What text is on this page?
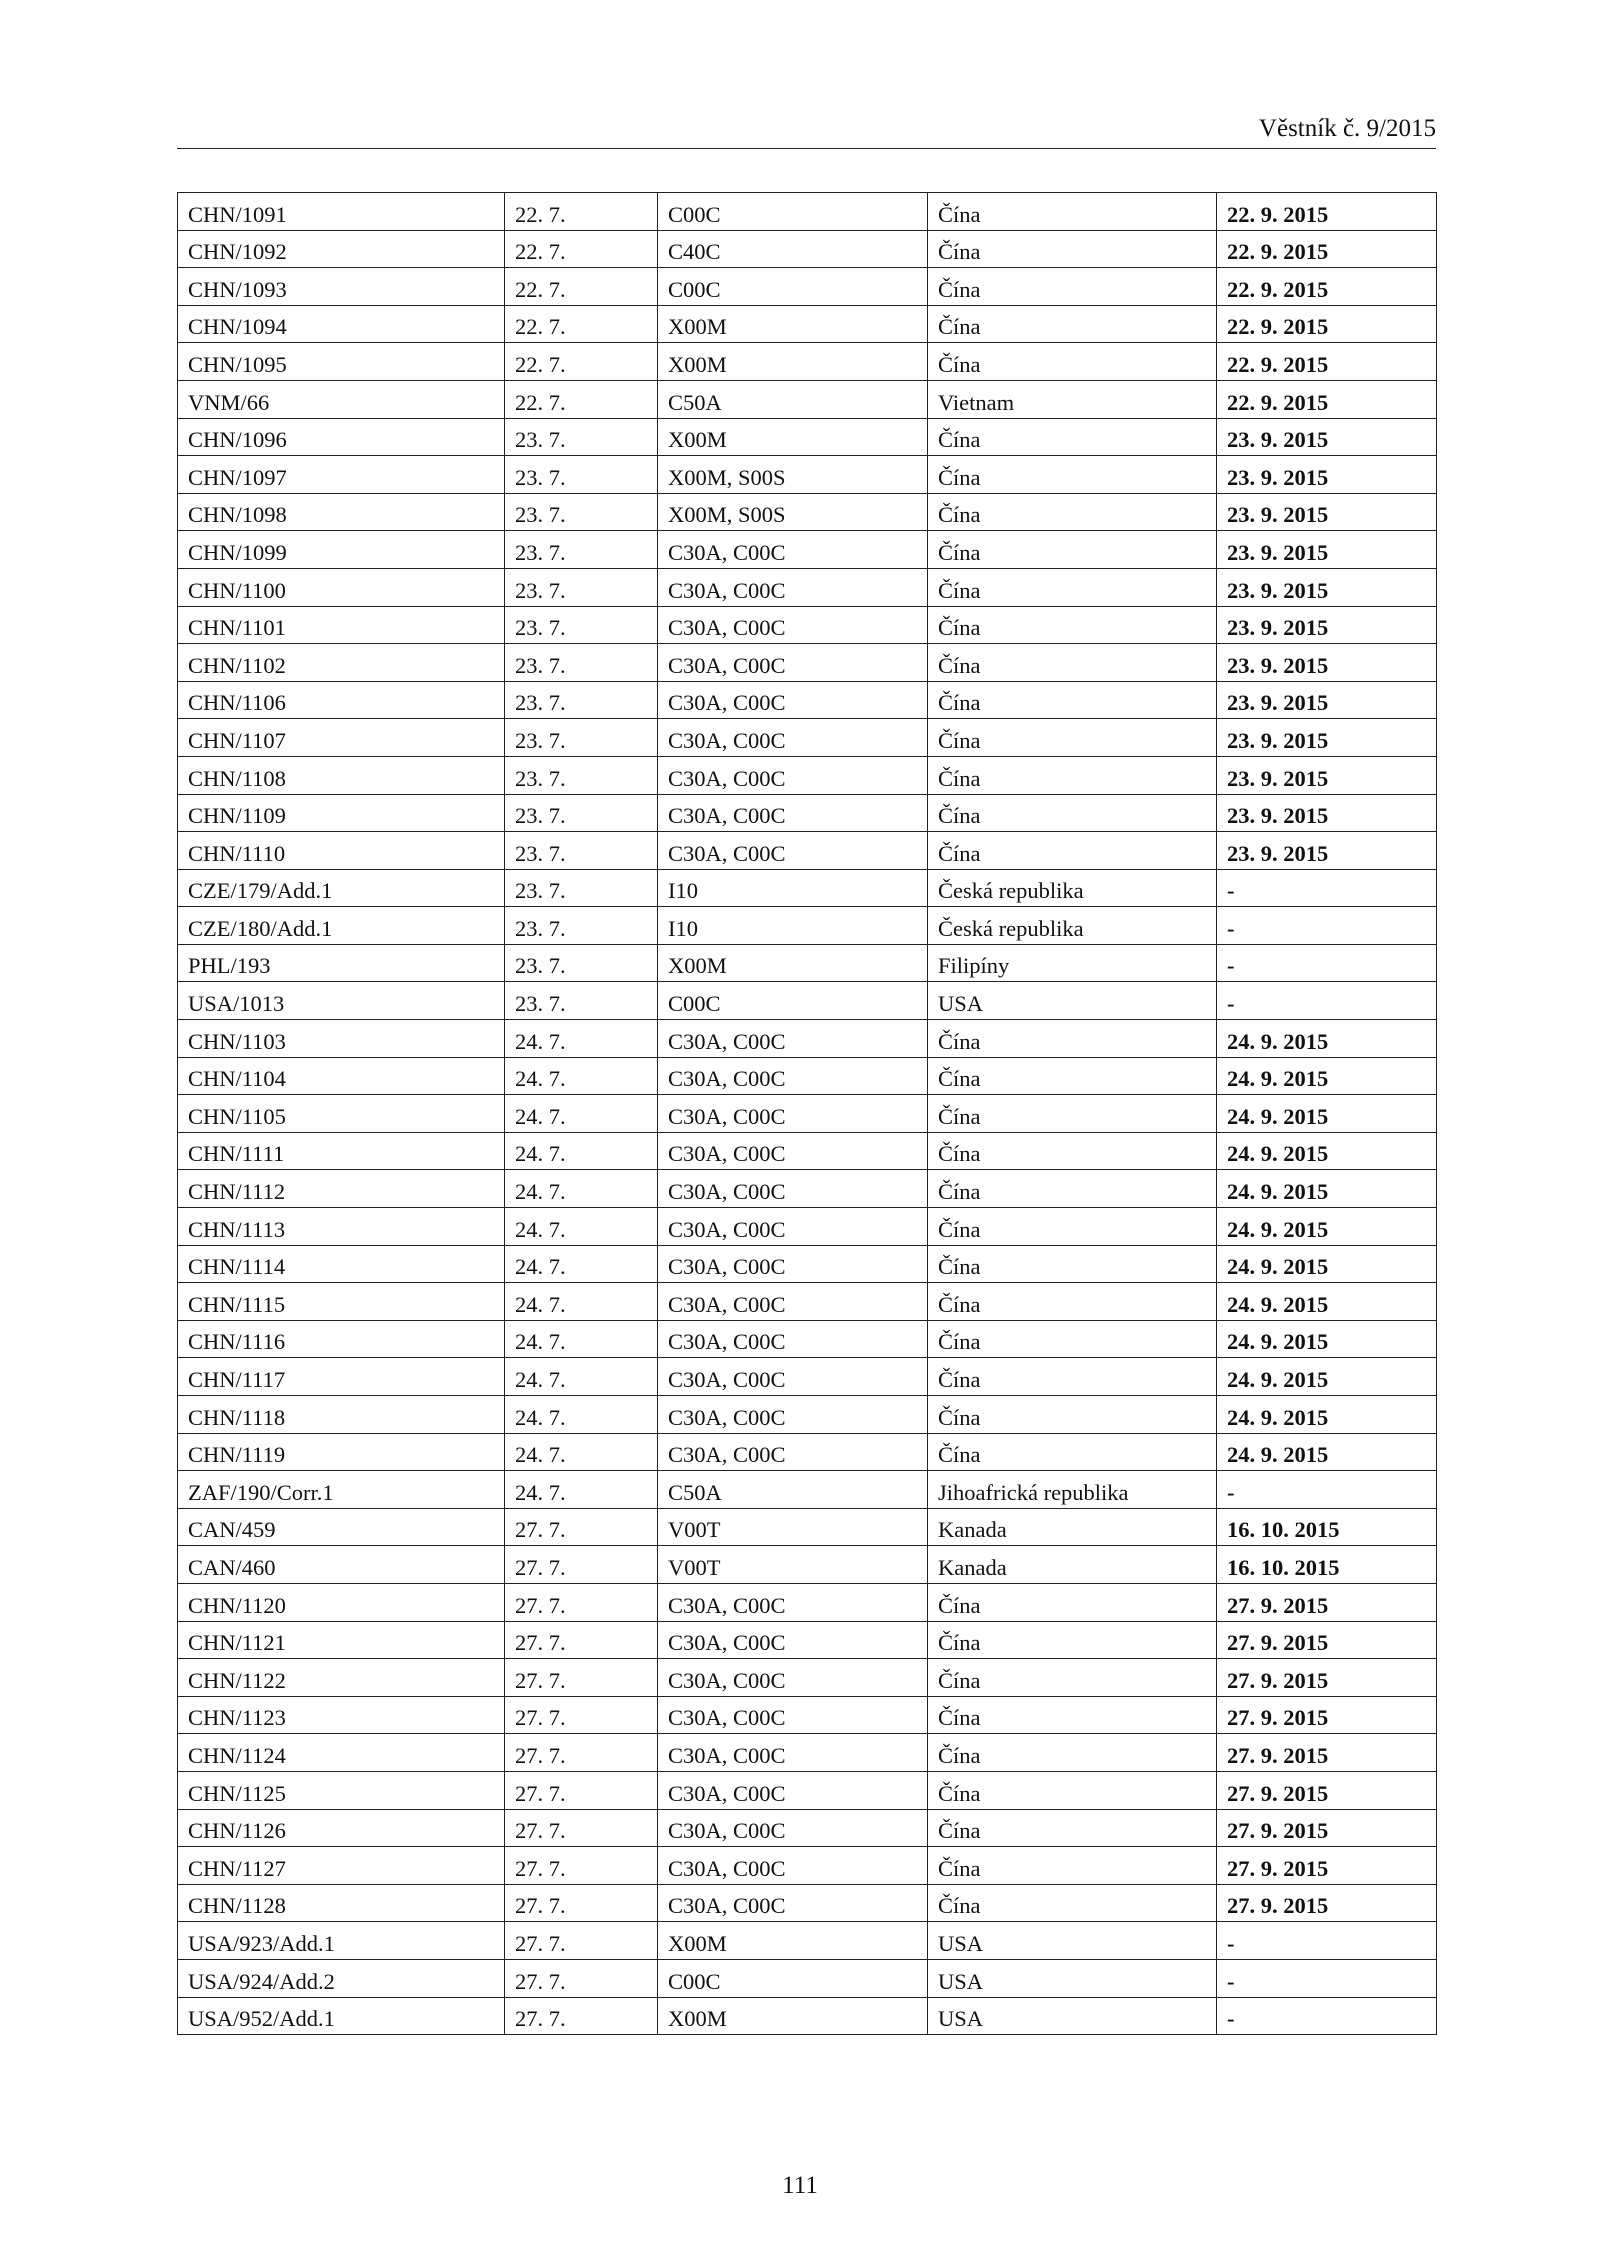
Věstník č. 9/2015
CHN/1091	22. 7.	C00C	Čína	22. 9. 2015
CHN/1092	22. 7.	C40C	Čína	22. 9. 2015
CHN/1093	22. 7.	C00C	Čína	22. 9. 2015
CHN/1094	22. 7.	X00M	Čína	22. 9. 2015
CHN/1095	22. 7.	X00M	Čína	22. 9. 2015
VNM/66	22. 7.	C50A	Vietnam	22. 9. 2015
CHN/1096	23. 7.	X00M	Čína	23. 9. 2015
CHN/1097	23. 7.	X00M, S00S	Čína	23. 9. 2015
CHN/1098	23. 7.	X00M, S00S	Čína	23. 9. 2015
CHN/1099	23. 7.	C30A, C00C	Čína	23. 9. 2015
CHN/1100	23. 7.	C30A, C00C	Čína	23. 9. 2015
CHN/1101	23. 7.	C30A, C00C	Čína	23. 9. 2015
CHN/1102	23. 7.	C30A, C00C	Čína	23. 9. 2015
CHN/1106	23. 7.	C30A, C00C	Čína	23. 9. 2015
CHN/1107	23. 7.	C30A, C00C	Čína	23. 9. 2015
CHN/1108	23. 7.	C30A, C00C	Čína	23. 9. 2015
CHN/1109	23. 7.	C30A, C00C	Čína	23. 9. 2015
CHN/1110	23. 7.	C30A, C00C	Čína	23. 9. 2015
CZE/179/Add.1	23. 7.	I10	Česká republika	-
CZE/180/Add.1	23. 7.	I10	Česká republika	-
PHL/193	23. 7.	X00M	Filipíny	-
USA/1013	23. 7.	C00C	USA	-
CHN/1103	24. 7.	C30A, C00C	Čína	24. 9. 2015
CHN/1104	24. 7.	C30A, C00C	Čína	24. 9. 2015
CHN/1105	24. 7.	C30A, C00C	Čína	24. 9. 2015
CHN/1111	24. 7.	C30A, C00C	Čína	24. 9. 2015
CHN/1112	24. 7.	C30A, C00C	Čína	24. 9. 2015
CHN/1113	24. 7.	C30A, C00C	Čína	24. 9. 2015
CHN/1114	24. 7.	C30A, C00C	Čína	24. 9. 2015
CHN/1115	24. 7.	C30A, C00C	Čína	24. 9. 2015
CHN/1116	24. 7.	C30A, C00C	Čína	24. 9. 2015
CHN/1117	24. 7.	C30A, C00C	Čína	24. 9. 2015
CHN/1118	24. 7.	C30A, C00C	Čína	24. 9. 2015
CHN/1119	24. 7.	C30A, C00C	Čína	24. 9. 2015
ZAF/190/Corr.1	24. 7.	C50A	Jihoafrická republika	-
CAN/459	27. 7.	V00T	Kanada	16. 10. 2015
CAN/460	27. 7.	V00T	Kanada	16. 10. 2015
CHN/1120	27. 7.	C30A, C00C	Čína	27. 9. 2015
CHN/1121	27. 7.	C30A, C00C	Čína	27. 9. 2015
CHN/1122	27. 7.	C30A, C00C	Čína	27. 9. 2015
CHN/1123	27. 7.	C30A, C00C	Čína	27. 9. 2015
CHN/1124	27. 7.	C30A, C00C	Čína	27. 9. 2015
CHN/1125	27. 7.	C30A, C00C	Čína	27. 9. 2015
CHN/1126	27. 7.	C30A, C00C	Čína	27. 9. 2015
CHN/1127	27. 7.	C30A, C00C	Čína	27. 9. 2015
CHN/1128	27. 7.	C30A, C00C	Čína	27. 9. 2015
USA/923/Add.1	27. 7.	X00M	USA	-
USA/924/Add.2	27. 7.	C00C	USA	-
USA/952/Add.1	27. 7.	X00M	USA	-
111
